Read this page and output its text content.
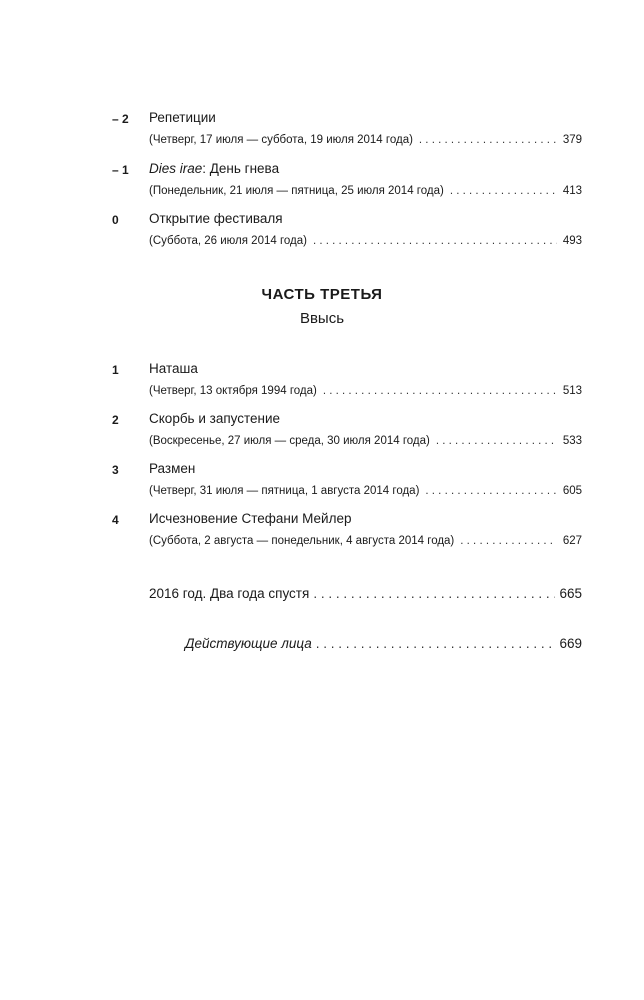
– 2	Репетиции
(Четверг, 17 июля — суббота, 19 июля 2014 года) . . .	379
– 1	Dies irae: День гнева
(Понедельник, 21 июля — пятница, 25 июля 2014 года) . . .	413
0	Открытие фестиваля
(Суббота, 26 июля 2014 года) . . .	493
ЧАСТЬ ТРЕТЬЯ
Ввысь
1	Наташа
(Четверг, 13 октября 1994 года) . . .	513
2	Скорбь и запустение
(Воскресенье, 27 июля — среда, 30 июля 2014 года) . . .	533
3	Размен
(Четверг, 31 июля — пятница, 1 августа 2014 года) . . .	605
4	Исчезновение Стефани Мейлер
(Суббота, 2 августа — понедельник, 4 августа 2014 года) . . .	627
2016 год. Два года спустя . . .	665
Действующие лица . . .	669
